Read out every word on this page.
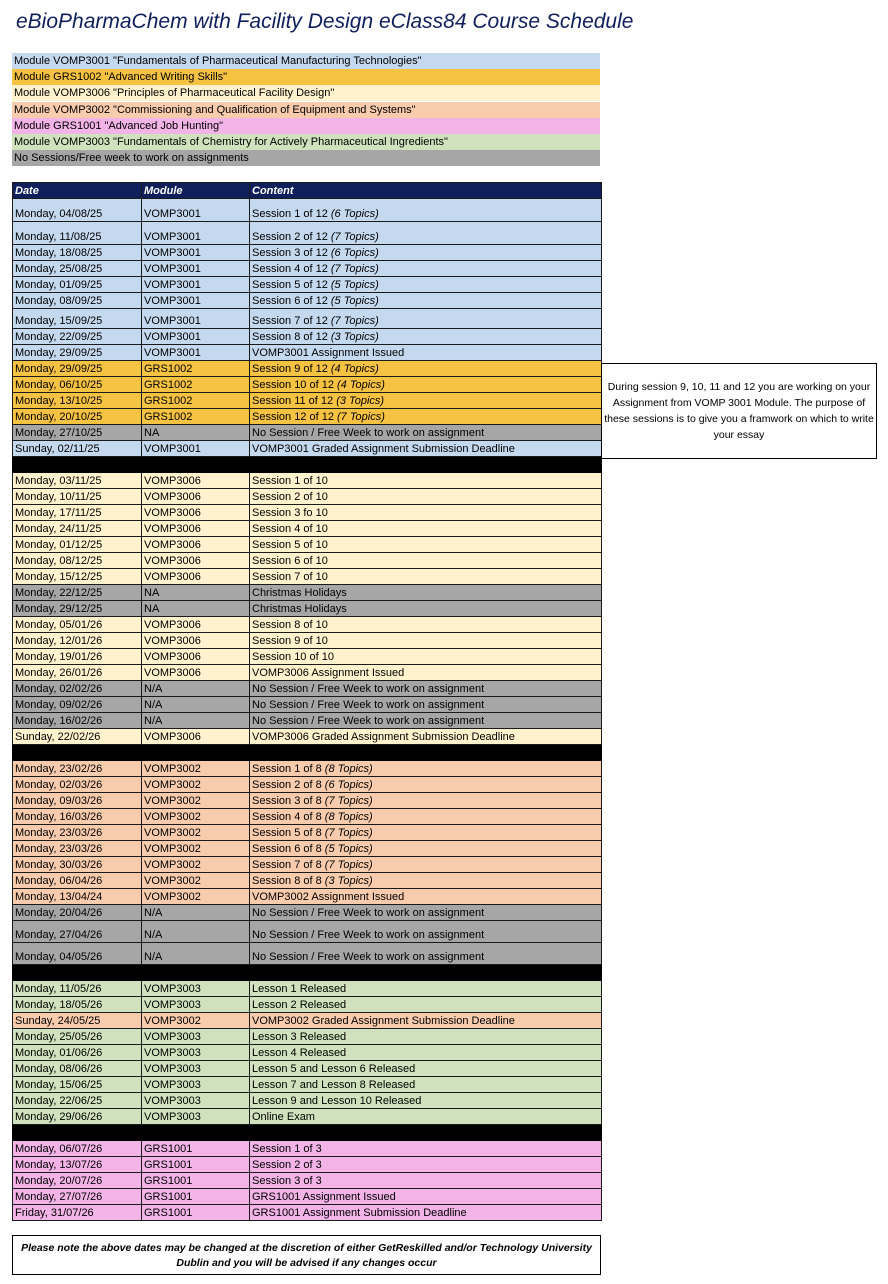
eBioPharmaChem with Facility Design eClass84 Course Schedule
Module VOMP3001 "Fundamentals of Pharmaceutical Manufacturing Technologies"
Module GRS1002 "Advanced Writing Skills"
Module VOMP3006 "Principles of Pharmaceutical Facility Design"
Module VOMP3002 "Commissioning and Qualification of Equipment and Systems"
Module GRS1001 "Advanced Job Hunting"
Module VOMP3003 "Fundamentals of Chemistry for Actively Pharmaceutical Ingredients"
No Sessions/Free week to work on assignments
Date	Module	Content
Monday, 04/08/25	VOMP3001	Session 1 of 12 (6 Topics)
Monday, 11/08/25	VOMP3001	Session 2 of 12 (7 Topics)
Monday, 18/08/25	VOMP3001	Session 3 of 12 (6 Topics)
Monday, 25/08/25	VOMP3001	Session 4 of 12 (7 Topics)
Monday, 01/09/25	VOMP3001	Session 5 of 12 (5 Topics)
Monday, 08/09/25	VOMP3001	Session 6 of 12 (5 Topics)
Monday, 15/09/25	VOMP3001	Session 7 of 12 (7 Topics)
Monday, 22/09/25	VOMP3001	Session 8 of 12 (3 Topics)
Monday, 29/09/25	VOMP3001	VOMP3001 Assignment Issued
Monday, 29/09/25	GRS1002	Session 9 of 12 (4 Topics)
Monday, 06/10/25	GRS1002	Session 10 of 12 (4 Topics)
Monday, 13/10/25	GRS1002	Session 11 of 12 (3 Topics)
Monday, 20/10/25	GRS1002	Session 12 of 12 (7 Topics)
Monday, 27/10/25	NA	No Session / Free Week to work on assignment
Sunday, 02/11/25	VOMP3001	VOMP3001 Graded Assignment Submission Deadline

Monday, 03/11/25	VOMP3006	Session 1 of 10
Monday, 10/11/25	VOMP3006	Session 2 of 10
Monday, 17/11/25	VOMP3006	Session 3 fo 10
Monday, 24/11/25	VOMP3006	Session 4 of 10
Monday, 01/12/25	VOMP3006	Session 5 of 10
Monday, 08/12/25	VOMP3006	Session 6 of 10
Monday, 15/12/25	VOMP3006	Session 7 of 10
Monday, 22/12/25	NA	Christmas Holidays
Monday, 29/12/25	NA	Christmas Holidays
Monday, 05/01/26	VOMP3006	Session 8 of 10
Monday, 12/01/26	VOMP3006	Session 9 of 10
Monday, 19/01/26	VOMP3006	Session 10 of 10
Monday, 26/01/26	VOMP3006	VOMP3006 Assignment Issued
Monday, 02/02/26	N/A	No Session / Free Week to work on assignment
Monday, 09/02/26	N/A	No Session / Free Week to work on assignment
Monday, 16/02/26	N/A	No Session / Free Week to work on assignment
Sunday, 22/02/26	VOMP3006	VOMP3006 Graded Assignment Submission Deadline

Monday, 23/02/26	VOMP3002	Session 1 of 8 (8 Topics)
Monday, 02/03/26	VOMP3002	Session 2 of 8 (6 Topics)
Monday, 09/03/26	VOMP3002	Session 3 of 8 (7 Topics)
Monday, 16/03/26	VOMP3002	Session 4 of 8 (8 Topics)
Monday, 23/03/26	VOMP3002	Session 5 of 8 (7 Topics)
Monday, 23/03/26	VOMP3002	Session 6 of 8 (5 Topics)
Monday, 30/03/26	VOMP3002	Session 7 of 8 (7 Topics)
Monday, 06/04/26	VOMP3002	Session 8 of 8 (3 Topics)
Monday, 13/04/24	VOMP3002	VOMP3002 Assignment Issued
Monday, 20/04/26	N/A	No Session / Free Week to work on assignment
Monday, 27/04/26	N/A	No Session / Free Week to work on assignment
Monday, 04/05/26	N/A	No Session / Free Week to work on assignment

Monday, 11/05/26	VOMP3003	Lesson 1 Released
Monday, 18/05/26	VOMP3003	Lesson 2 Released
Sunday, 24/05/25	VOMP3002	VOMP3002 Graded Assignment Submission Deadline
Monday, 25/05/26	VOMP3003	Lesson 3 Released
Monday, 01/06/26	VOMP3003	Lesson 4 Released
Monday, 08/06/26	VOMP3003	Lesson 5 and Lesson 6 Released
Monday, 15/06/25	VOMP3003	Lesson 7 and Lesson 8 Released
Monday, 22/06/25	VOMP3003	Lesson 9 and Lesson 10 Released
Monday, 29/06/26	VOMP3003	Online Exam

Monday, 06/07/26	GRS1001	Session 1 of 3
Monday, 13/07/26	GRS1001	Session 2 of 3
Monday, 20/07/26	GRS1001	Session 3 of 3
Monday, 27/07/26	GRS1001	GRS1001 Assignment Issued
Friday, 31/07/26	GRS1001	GRS1001 Assignment Submission Deadline
During session 9, 10, 11 and 12 you are working on your Assignment from VOMP 3001 Module. The purpose of these sessions is to give you a framwork on which to write your essay
Please note the above dates may be changed at the discretion of either GetReskilled and/or Technology University Dublin and you will be advised if any changes occur
